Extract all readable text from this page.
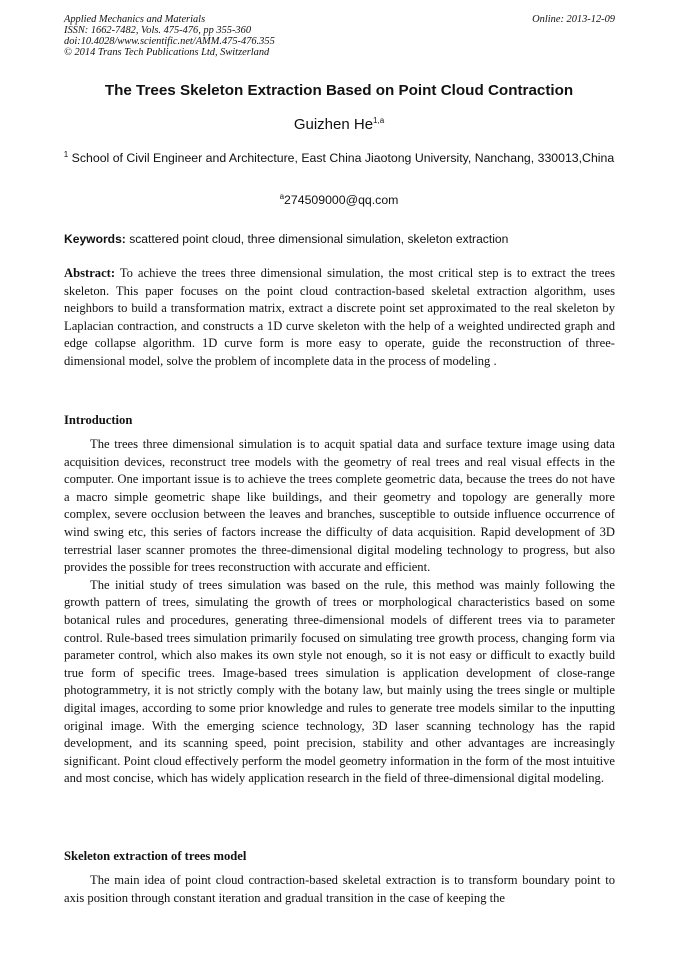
Applied Mechanics and Materials	Online: 2013-12-09
ISSN: 1662-7482, Vols. 475-476, pp 355-360
doi:10.4028/www.scientific.net/AMM.475-476.355
© 2014 Trans Tech Publications Ltd, Switzerland
The Trees Skeleton Extraction Based on Point Cloud Contraction
Guizhen He$^{1,a}$
$^1$ School of Civil Engineer and Architecture, East China Jiaotong University, Nanchang, 330013,China
$^a$274509000@qq.com
Keywords: scattered point cloud, three dimensional simulation, skeleton extraction

Abstract: To achieve the trees three dimensional simulation, the most critical step is to extract the trees skeleton. This paper focuses on the point cloud contraction-based skeletal extraction algorithm, uses neighbors to build a transformation matrix, extract a discrete point set approximated to the real skeleton by Laplacian contraction, and constructs a 1D curve skeleton with the help of a weighted undirected graph and edge collapse algorithm. 1D curve form is more easy to operate, guide the reconstruction of three-dimensional model, solve the problem of incomplete data in the process of modeling .

Introduction

The trees three dimensional simulation is to acquit spatial data and surface texture image using data acquisition devices, reconstruct tree models with the geometry of real trees and real visual effects in the computer. One important issue is to achieve the trees complete geometric data, because the trees do not have a macro simple geometric shape like buildings, and their geometry and topology are generally more complex, severe occlusion between the leaves and branches, susceptible to outside influence occurrence of wind swing etc, this series of factors increase the difficulty of data acquisition. Rapid development of 3D terrestrial laser scanner promotes the three-dimensional digital modeling technology to progress, but also provides the possible for trees reconstruction with accurate and efficient.

The initial study of trees simulation was based on the rule, this method was mainly following the growth pattern of trees, simulating the growth of trees or morphological characteristics based on some botanical rules and procedures, generating three-dimensional models of different trees via to parameter control. Rule-based trees simulation primarily focused on simulating tree growth process, changing form via parameter control, which also makes its own style not enough, so it is not easy or difficult to exactly build true form of specific trees. Image-based trees simulation is application development of close-range photogrammetry, it is not strictly comply with the botany law, but mainly using the trees single or multiple digital images, according to some prior knowledge and rules to generate tree models similar to the inputting original image. With the emerging science technology, 3D laser scanning technology has the rapid development, and its scanning speed, point precision, stability and other advantages are increasingly significant. Point cloud effectively perform the model geometry information in the form of the most intuitive and most concise, which has widely application research in the field of three-dimensional digital modeling.

Skeleton extraction of trees model

The main idea of point cloud contraction-based skeletal extraction is to transform boundary point to axis position through constant iteration and gradual transition in the case of keeping the
